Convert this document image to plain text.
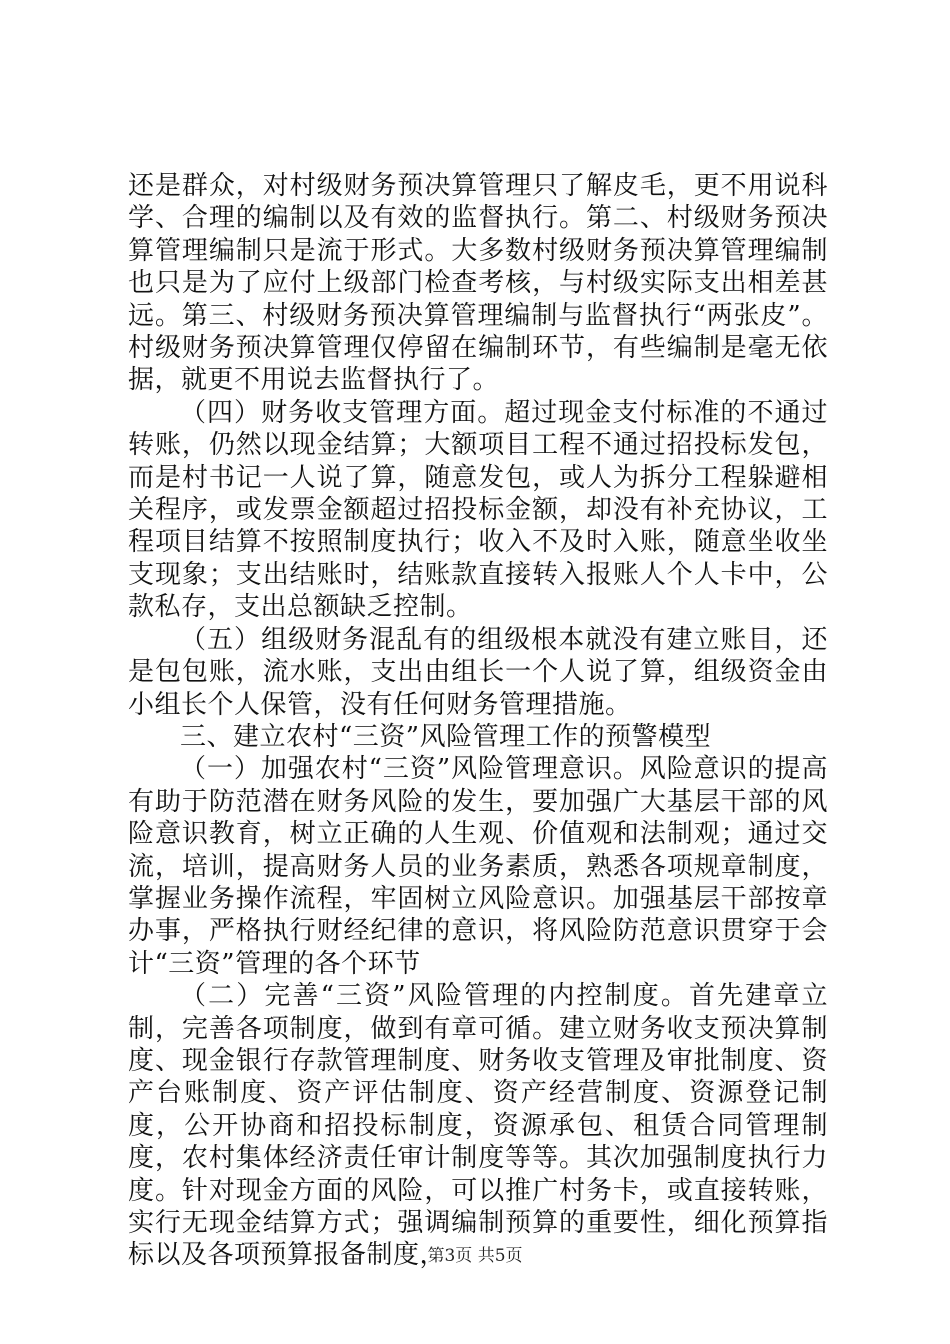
还是群众，对村级财务预决算管理只了解皮毛，更不用说科学、合理的编制以及有效的监督执行。第二、村级财务预决算管理编制只是流于形式。大多数村级财务预决算管理编制也只是为了应付上级部门检查考核，与村级实际支出相差甚远。第三、村级财务预决算管理编制与监督执行“两张皮”。村级财务预决算管理仅停留在编制环节，有些编制是毫无依据，就更不用说去监督执行了。

（四）财务收支管理方面。超过现金支付标准的不通过转账，仍然以现金结算；大额项目工程不通过招投标发包，而是村书记一人说了算，随意发包，或人为拆分工程躲避相关程序，或发票金额超过招投标金额，却没有补充协议，工程项目结算不按照制度执行；收入不及时入账，随意坐收坐支现象；支出结账时，结账款直接转入报账人个人卡中，公款私存，支出总额缺乏控制。

（五）组级财务混乱有的组级根本就没有建立账目，还是包包账，流水账，支出由组长一个人说了算，组级资金由小组长个人保管，没有任何财务管理措施。

三、建立农村“三资”风险管理工作的预警模型

（一）加强农村“三资”风险管理意识。风险意识的提高有助于防范潜在财务风险的发生，要加强广大基层干部的风险意识教育，树立正确的人生观、价值观和法制观；通过交流，培训，提高财务人员的业务素质，熟悉各项规章制度，掌握业务操作流程，牢固树立风险意识。加强基层干部按章办事，严格执行财经纪律的意识，将风险防范意识贯穿于会计“三资”管理的各个环节

（二）完善“三资”风险管理的内控制度。首先建章立制，完善各项制度，做到有章可循。建立财务收支预决算制度、现金银行存款管理制度、财务收支管理及审批制度、资产台账制度、资产评估制度、资产经营制度、资源登记制度，公开协商和招投标制度，资源承包、租赁合同管理制度，农村集体经济责任审计制度等等。其次加强制度执行力度。针对现金方面的风险，可以推广村务卡，或直接转账，实行无现金结算方式；强调编制预算的重要性，细化预算指标以及各项预算报备制度，

第3页 共5页
